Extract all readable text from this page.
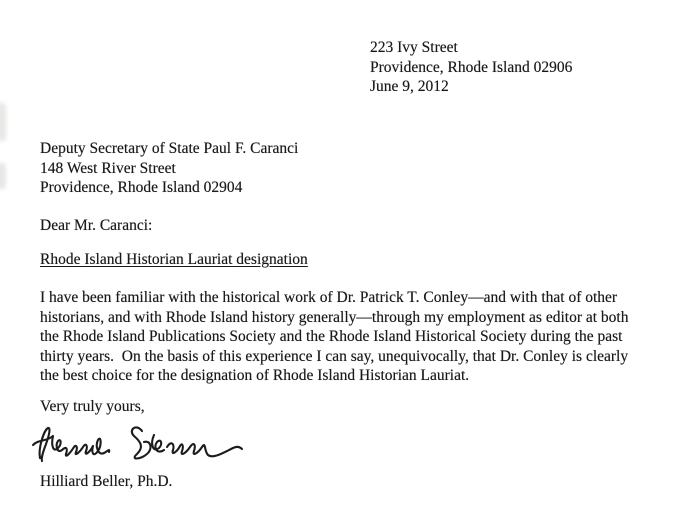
223 Ivy Street
Providence, Rhode Island 02906
June 9, 2012
Deputy Secretary of State Paul F. Caranci
148 West River Street
Providence, Rhode Island 02904
Dear Mr. Caranci:
Rhode Island Historian Lauriat designation
I have been familiar with the historical work of Dr. Patrick T. Conley—and with that of other
historians, and with Rhode Island history generally—through my employment as editor at both
the Rhode Island Publications Society and the Rhode Island Historical Society during the past
thirty years.  On the basis of this experience I can say, unequivocally, that Dr. Conley is clearly
the best choice for the designation of Rhode Island Historian Lauriat.
Very truly yours,
Hilliard Beller, Ph.D.
